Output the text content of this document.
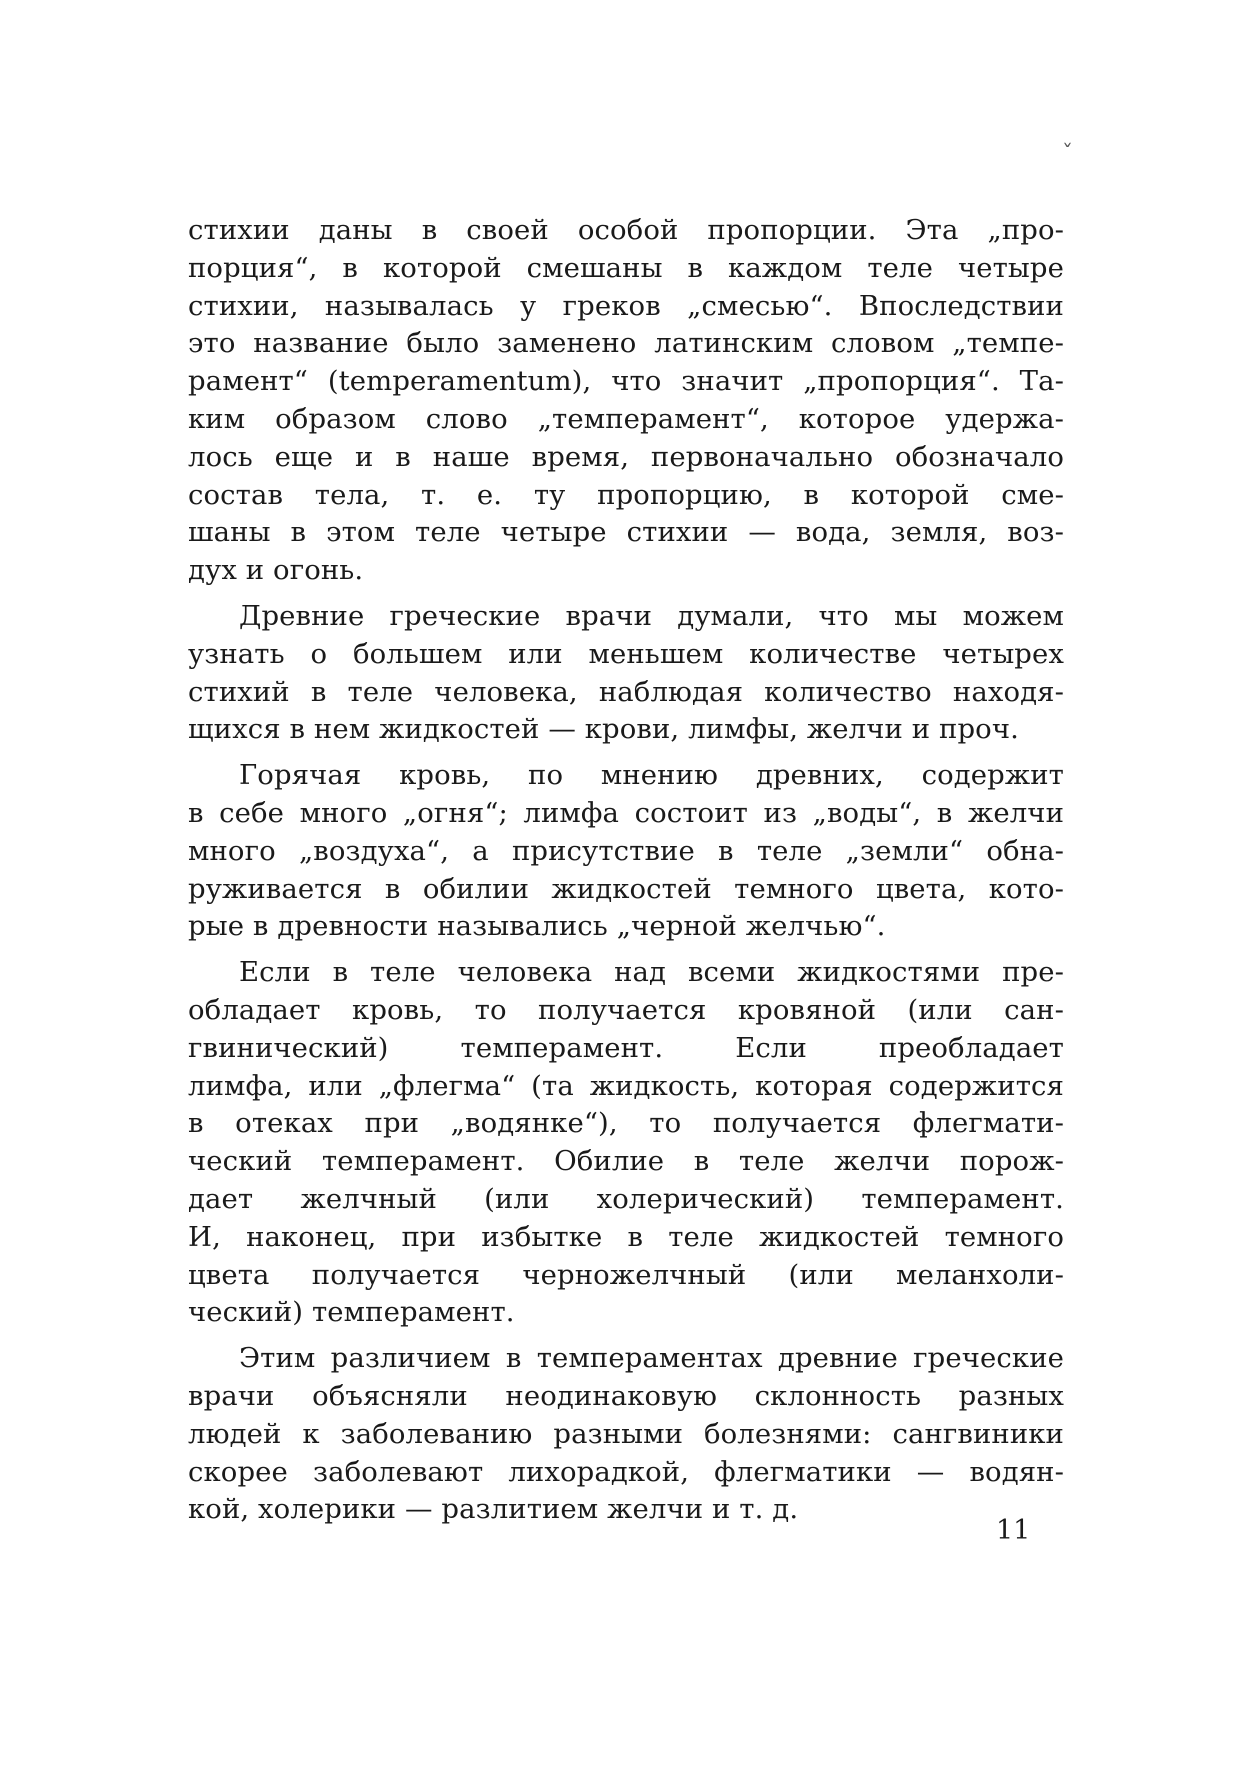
ˇ

стихии даны в своей особой пропорции. Эта „про-
порция“, в которой смешаны в каждом теле четыре
стихии, называлась у греков „смесью“. Впоследствии
это название было заменено латинским словом „темпе-
рамент“ (temperamentum), что значит „пропорция“. Та-
ким образом слово „темперамент“, которое удержа-
лось еще и в наше время, первоначально обозначало
состав тела, т. е. ту пропорцию, в которой сме-
шаны в этом теле четыре стихии — вода, земля, воз-
дух и огонь.

Древние греческие врачи думали, что мы можем
узнать о большем или меньшем количестве четырех
стихий в теле человека, наблюдая количество находя-
щихся в нем жидкостей — крови, лимфы, желчи и проч.

Горячая кровь, по мнению древних, содержит
в себе много „огня“; лимфа состоит из „воды“, в желчи
много „воздуха“, а присутствие в теле „земли“ обна-
руживается в обилии жидкостей темного цвета, кото-
рые в древности назывались „черной желчью“.

Если в теле человека над всеми жидкостями пре-
обладает кровь, то получается кровяной (или сан-
гвинический) темперамент. Если преобладает
лимфа, или „флегма“ (та жидкость, которая содержится
в отеках при „водянке“), то получается флегмати-
ческий темперамент. Обилие в теле желчи порож-
дает желчный (или холерический) темперамент.
И, наконец, при избытке в теле жидкостей темного
цвета получается черножелчный (или меланхоли-
ческий) темперамент.

Этим различием в темпераментах древние греческие
врачи объясняли неодинаковую склонность разных
людей к заболеванию разными болезнями: сангвиники
скорее заболевают лихорадкой, флегматики — водян-
кой, холерики — разлитием желчи и т. д.

11
